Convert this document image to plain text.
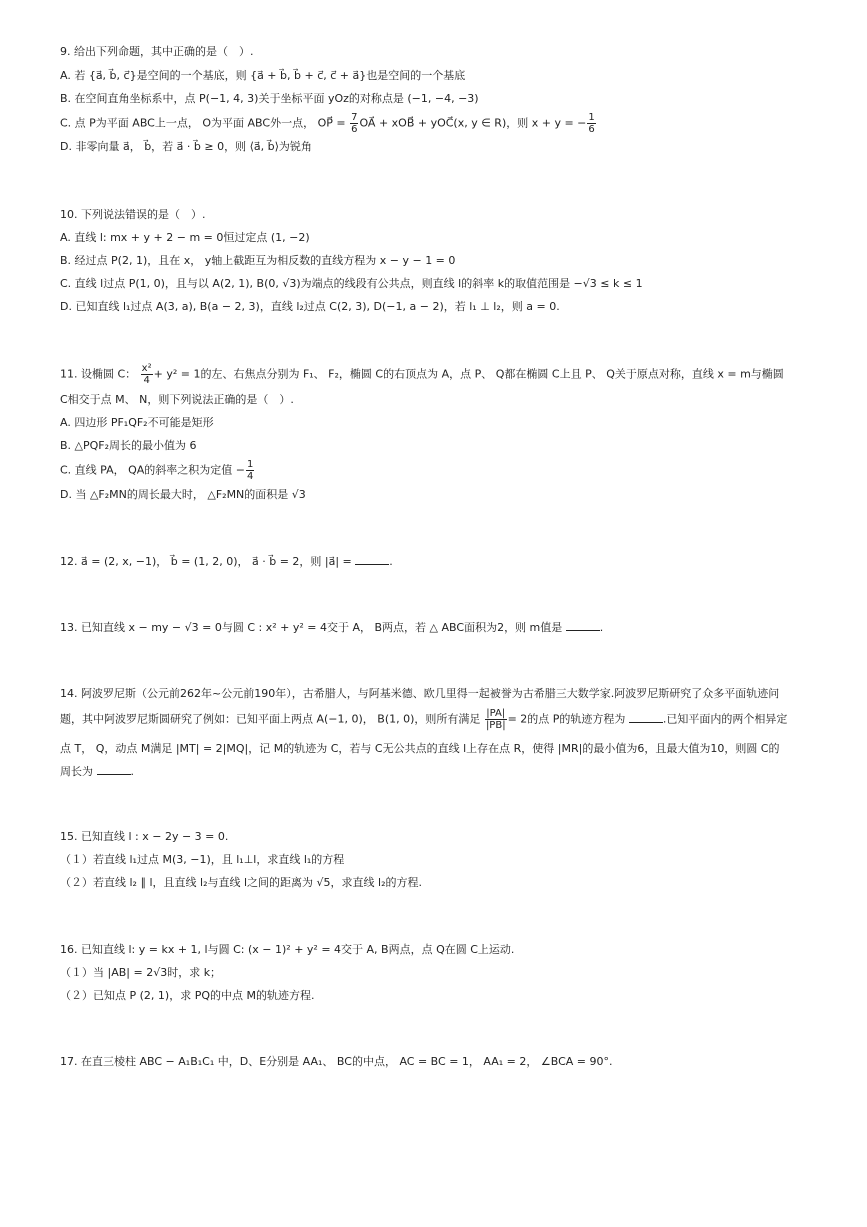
9. 给出下列命题，其中正确的是（　）.
A. 若 {a⃗, b⃗, c⃗}是空间的一个基底，则 {a⃗ + b⃗, b⃗ + c⃗, c⃗ + a⃗}也是空间的一个基底
B. 在空间直角坐标系中，点 P(−1, 4, 3)关于坐标平面 yOz的对称点是 (−1, −4, −3)
C. 点 P为平面 ABC上一点， O为平面 ABC外一点， OP⃗ = $\frac{7}{6}$ OA⃗ + xOB⃗ + yOC⃗(x, y ∈ R)，则 x + y = − $\frac{1}{6}$
D. 非零向量 a⃗， b⃗，若 a⃗ · b⃗ ≥ 0，则 ⟨a⃗, b⃗⟩为锐角
10. 下列说法错误的是（　）.
A. 直线 l: mx + y + 2 − m = 0恒过定点 (1, −2)
B. 经过点 P(2, 1)，且在 x， y轴上截距互为相反数的直线方程为 x − y − 1 = 0
C. 直线 l过点 P(1, 0)，且与以 A(2, 1), B(0, √3)为端点的线段有公共点，则直线 l的斜率 k的取值范围是 −√3 ≤ k ≤ 1
D. 已知直线 l₁过点 A(3, a), B(a − 2, 3)，直线 l₂过点 C(2, 3), D(−1, a − 2)，若 l₁ ⊥ l₂，则 a = 0.
11. 设椭圆 C： $\frac{\text{x²}}{4} + y^2 = 1$的左、右焦点分别为 F₁、 F₂，椭圆 C的右顶点为 A，点 P、 Q都在椭圆 C上且 P、 Q关于原点对称，直线 x = m与椭圆
C相交于点 M、 N，则下列说法正确的是（　）.
A. 四边形 PF₁QF₂不可能是矩形
B. △PQF₂周长的最小值为 6
C. 直线 PA， QA的斜率之积为定值 − $\frac{1}{4}$
D. 当 △F₂MN的周长最大时， △F₂MN的面积是 √3
12. a⃗ = (2, x, −1)， b⃗ = (1, 2, 0)， a⃗ · b⃗ = 2，则 |a⃗| =	.
13. 已知直线 x − my − √3 = 0与圆 C : x² + y² = 4交于 A， B两点，若 △ ABC面积为2，则 m值是	.
14. 阿波罗尼斯（公元前262年~公元前190年），古希腊人，与阿基米德、欧几里得一起被誉为古希腊三大数学家.阿波罗尼斯研究了众多平面轨迹问
题，其中阿波罗尼斯圆研究了例如：已知平面上两点 A(−1, 0)， B(1, 0)，则所有满足 $\frac{|PA|}{|PB|} = 2$的点 P的轨迹方程为	.已知平面内的两个相异定
点 T， Q，动点 M满足 |MT| = 2|MQ|，记 M的轨迹为 C，若与 C无公共点的直线 l上存在点 R，使得 |MR|的最小值为6，且最大值为10，则圆 C的
周长为	.
15. 已知直线 l : x − 2y − 3 = 0.
（１）若直线 l₁过点 M(3, −1)，且 l₁⊥l，求直线 l₁的方程
（２）若直线 l₂ ∥ l，且直线 l₂与直线 l之间的距离为 √5，求直线 l₂的方程.
16. 已知直线 l: y = kx + 1, l与圆 C: (x − 1)² + y² = 4交于 A, B两点，点 Q在圆 C上运动.
（１）当 |AB| = 2√3时，求 k；
（２）已知点 P (2, 1)，求 PQ的中点 M的轨迹方程.
17. 在直三棱柱 ABC − A₁B₁C₁ 中，D、E分别是 AA₁、 BC的中点， AC = BC = 1， AA₁ = 2， ∠BCA = 90°.
